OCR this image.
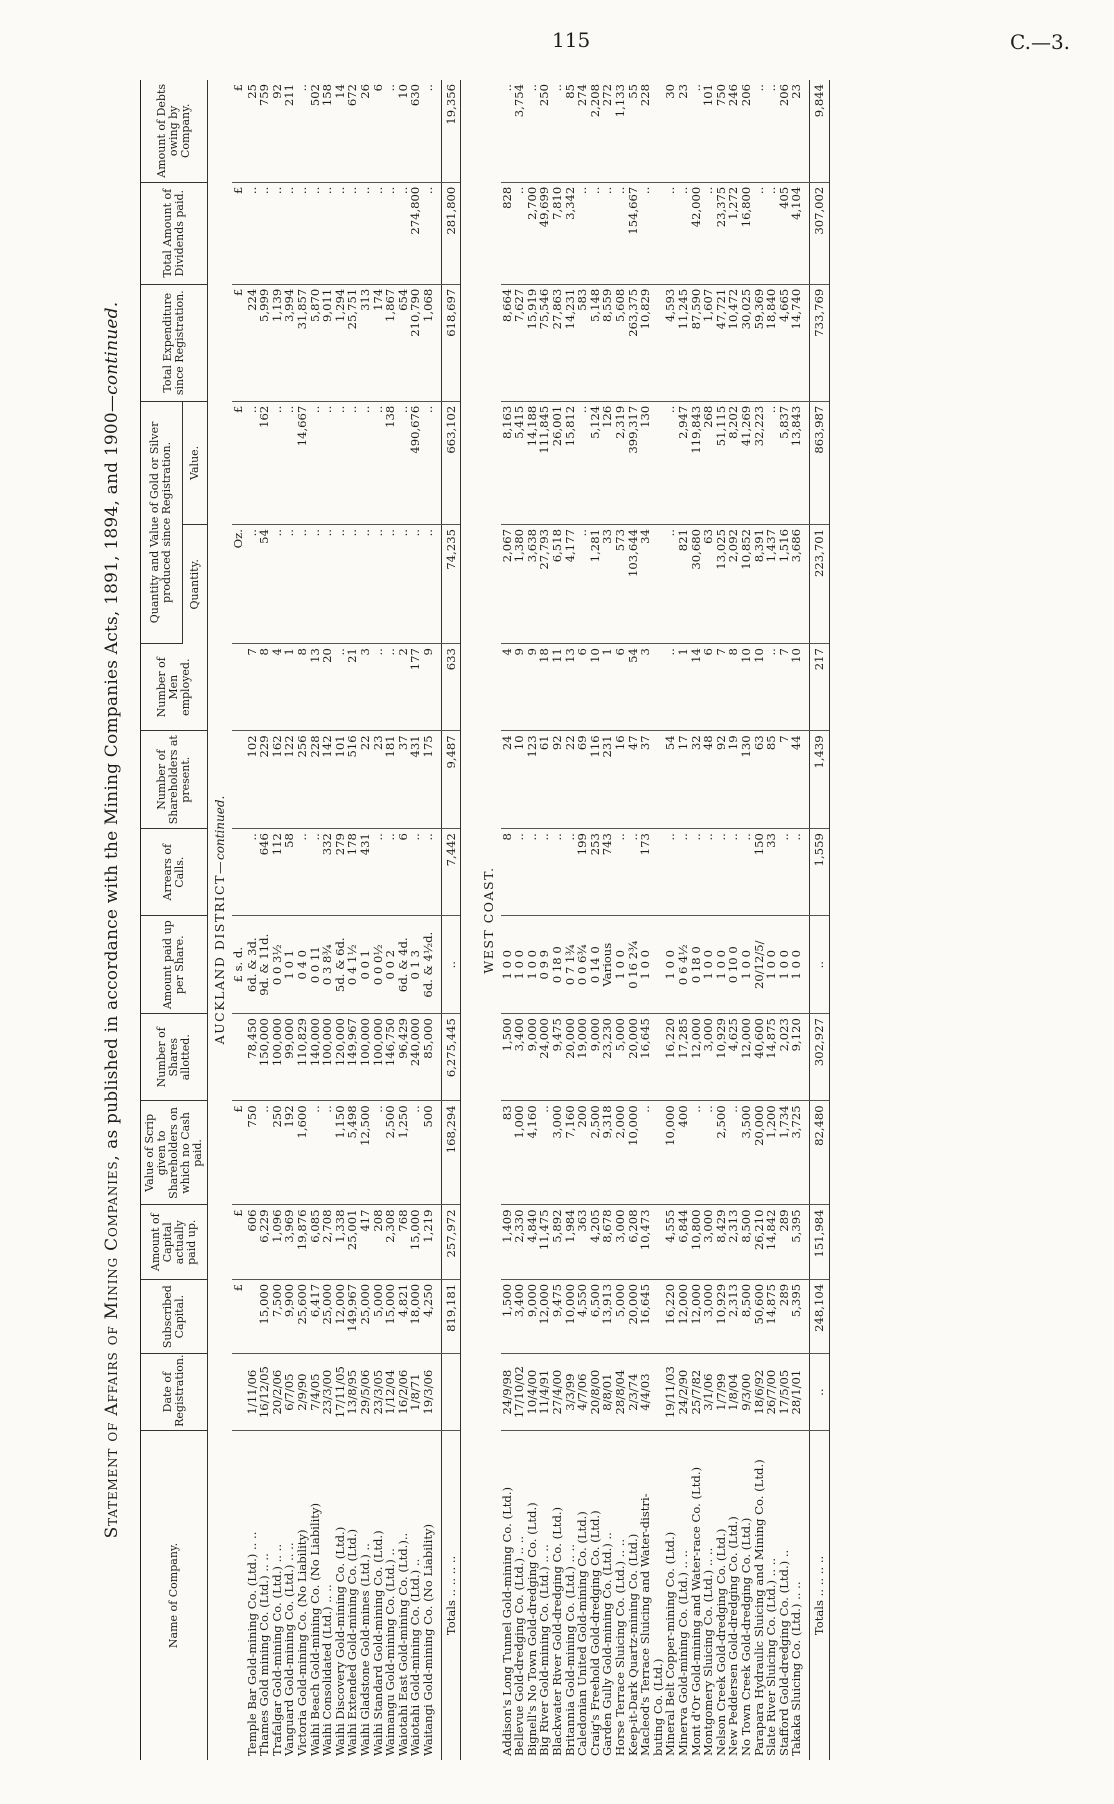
115	C.—3.
Statement of Affairs of Mining Companies, as published in accordance with the Mining Companies Acts, 1891, 1894, and 1900—continued.
Name of Company.	Date of Registration.	Subscribed Capital.	Amount of Capital actually paid up.	Value of Scrip given to Shareholders on which no Cash paid.	Number of Shares allotted.	Amount paid up per Share.	Arrears of Calls.	Number of Shareholders at present.	Number of Men employed.	Quantity and Value of Gold or Silver produced since Registration.		Total Expenditure since Registration.	Total Amount of Dividends paid.	Amount of Debts owing by Company.
										Quantity.	Value.			
AUCKLAND DISTRICT—continued.														
		£	£	£		£ s. d.				Oz.	£	£	£	£
Temple Bar Gold-mining Co. (Ltd.) .. ..	1/11/06		606	750	78,450	6d. & 3d.	..	102	7	..	..	224	..	25
Thames Gold mining Co. (Ltd.) .. ..	16/12/05	15,000	6,229	..	150,000	9d. & 11d.	646	229	8	54	162	5,999	..	759
Trafalgar Gold-mining Co. (Ltd.) .. ..	20/2/06	7,500	1,096	250	100,000	0 0 3½	112	162	4	..	..	1,139	..	92
Vanguard Gold-mining Co. (Ltd.) .. ..	6/7/05	9,900	3,969	192	99,000	1 0 1	58	122	1	..	..	3,994	..	211
Victoria Gold-mining Co. (No Liability)	2/9/90	25,600	19,876	1,600	110,829	0 4 0	..	256	8	..	14,667	31,857	..	..
Waihi Beach Gold-mining Co. (No Liability)	7/4/05	6,417	6,085	..	140,000	0 0 11	..	228	13	..	..	5,870	..	502
Waihi Consolidated (Ltd.) .. ..	23/3/00	25,000	2,708	..	100,000	0 3 8¾	332	142	20	..	..	9,011	..	158
Waihi Discovery Gold-mining Co. (Ltd.)	17/11/05	12,000	1,338	1,150	120,000	5d. & 6d.	279	101	..	..	..	1,294	..	14
Waihi Extended Gold-mining Co. (Ltd.)	13/8/95	149,967	25,001	5,498	149,967	0 4 1½	178	516	21	..	..	25,751	..	672
Waihi Gladstone Gold-mines (Ltd.) ..	29/5/06	25,000	417	12,500	100,000	0 0 1	431	22	3	..	..	313	..	26
Waihi Standard Gold-mining Co. (Ltd.)	23/3/05	5,000	208	..	100,000	0 0 0½	..	23	..	..	..	174	..	6
Waimangu Gold-mining Co. (Ltd.) ..	1/12/04	15,000	2,308	2,500	146,750	0 0 2	..	181	..	..	138	1,867	..	..
Waiotahi East Gold-mining Co. (Ltd.)..	16/2/06	4,821	768	1,250	96,429	6d. & 4d.	6	37	2	..	..	654	..	10
Waiotahi Gold-mining Co. (Ltd.) ..	1/8/71	18,000	15,000	..	240,000	0 1 3	..	431	177	..	490,676	210,790	274,800	630
Waitangi Gold-mining Co. (No Liability)	19/3/06	4,250	1,219	500	85,000	6d. & 4½d.	..	175	9	..	..	1,068	..	..

Totals .. .. .. ..		819,181	257,972	168,294	6,275,445	..	7,442	9,487	633	74,235	663,102	618,697	281,800	19,356

WEST COAST.														
Addison's Long Tunnel Gold-mining Co. (Ltd.)	24/9/98	1,500	1,409	83	1,500	1 0 0	8	24	4	2,067	8,163	8,664	828	..
Bellevue Gold-dredging Co. (Ltd.) .. ..	17/10/02	3,400	2,330	1,000	3,400	1 0 0	..	10	9	1,380	5,415	7,627	..	3,754
Bignell's No Town Gold-dredging Co. (Ltd.)	10/4/00	9,000	4,840	4,160	9,000	1 0 0	..	123	9	3,638	14,188	15,919	2,700	..
Big River Gold-mining Co. (Ltd.) .. ..	11/4/91	12,000	11,475	..	24,000	0 9 9	..	61	18	27,793	111,845	75,546	49,699	250
Blackwater River Gold-dredging Co. (Ltd.)	27/4/00	9,475	5,892	3,000	9,475	0 18 0	..	92	11	6,518	26,001	27,863	7,810	..
Britannia Gold-mining Co. (Ltd.) .. ..	3/3/99	10,000	1,984	7,160	20,000	0 7 1¾	..	22	13	4,177	15,812	14,231	3,342	85
Caledonian United Gold-mining Co. (Ltd.)	4/7/06	4,550	363	200	19,000	0 0 6¾	199	69	6	..	..	583	..	274
Craig's Freehold Gold-dredging Co. (Ltd.)	20/8/00	6,500	4,205	2,500	9,000	0 14 0	253	116	10	1,281	5,124	5,148	..	2,208
Garden Gully Gold-mining Co. (Ltd.) ..	8/8/01	13,913	8,678	9,318	23,230	Various	743	231	1	33	126	8,559	..	272
Horse Terrace Sluicing Co. (Ltd.) .. ..	28/8/04	5,000	3,000	2,000	5,000	1 0 0	..	16	6	573	2,319	5,608	..	1,133
Keep-it-Dark Quartz-mining Co. (Ltd.)	2/3/74	20,000	6,208	10,000	20,000	0 16 2¾	..	47	54	103,644	399,317	263,375	154,667	55
Macleod's Terrace Sluicing and Water-distri-	4/4/03	16,645	10,473	..	16,645	1 0 0	173	37	3	34	130	10,829	..	228
buting Co. (Ltd.)														
Mineral Belt Copper-mining Co. (Ltd.)	19/11/03	16,220	4,555	10,000	16,220	1 0 0	..	54	..	..	..	4,593	..	30
Minerva Gold-mining Co. (Ltd.) .. ..	24/2/90	12,000	6,844	400	17,285	0 6 4½	..	17	1	821	2,947	11,245	..	23
Mont d'Or Gold-mining and Water-race Co. (Ltd.)	25/7/82	12,000	10,800	..	12,000	0 18 0	..	32	14	30,680	119,843	87,590	42,000	..
Montgomery Sluicing Co. (Ltd.) .. ..	3/1/06	3,000	3,000	..	3,000	1 0 0	..	48	6	63	268	1,607	..	101
Nelson Creek Gold-dredging Co. (Ltd.)	1/7/99	10,929	8,429	2,500	10,929	1 0 0	..	92	7	13,025	51,115	47,721	23,375	750
New Peddersen Gold-dredging Co. (Ltd.)	1/8/04	2,313	2,313	..	4,625	0 10 0	..	19	8	2,092	8,202	10,472	1,272	246
No Town Creek Gold-dredging Co. (Ltd.)	9/3/00	8,500	8,500	3,500	12,000	1 0 0	..	130	10	10,852	41,269	30,025	16,800	206
Parapara Hydraulic Sluicing and Mining Co. (Ltd.)	18/6/92	50,600	26,210	20,000	40,600	20/12/5/	150	63	10	8,391	32,223	59,369	..	..
Slate River Sluicing Co. (Ltd.) .. ..	26/7/00	14,875	14,842	1,200	14,875	1 0 0	33	85	..	1,437	..	18,840	..	..
Stafford Gold-dredging Co. (Ltd.) ..	17/5/05	289	289	1,734	2,023	1 0 0	..	7	7	1,516	5,837	4,665	405	206
Takaka Sluicing Co. (Ltd.) .. ..	28/1/01	5,395	5,395	3,725	9,120	1 0 0	..	44	10	3,686	13,843	14,740	4,104	23

Totals .. .. .. ..	..	248,104	151,984	82,480	302,927	..	1,559	1,439	217	223,701	863,987	733,769	307,002	9,844
